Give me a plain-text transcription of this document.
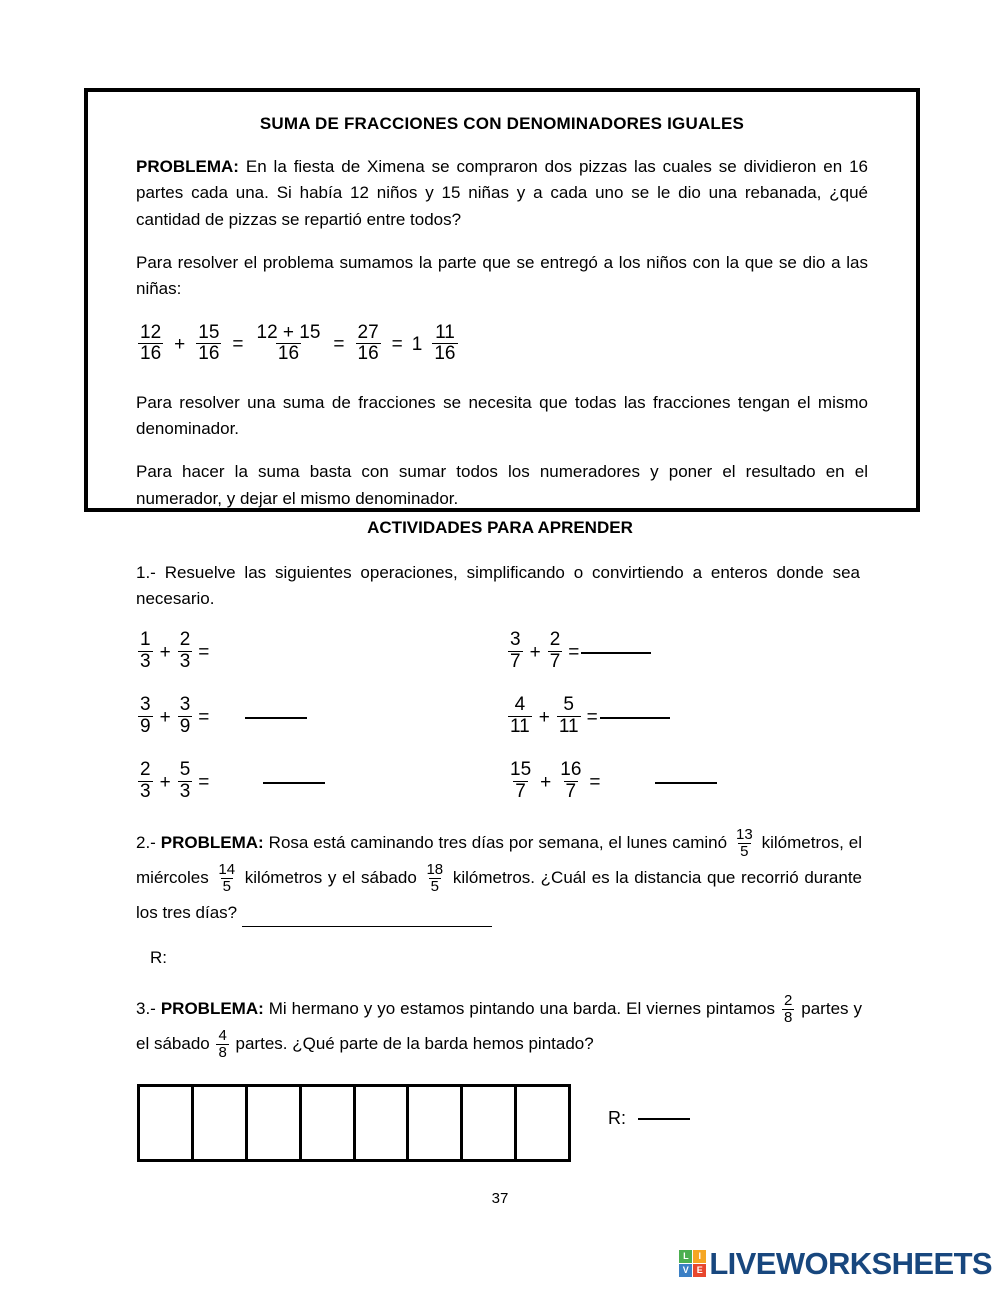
SUMA DE FRACCIONES CON DENOMINADORES IGUALES

PROBLEMA: En la fiesta de Ximena se compraron dos pizzas las cuales se dividieron en 16 partes cada una. Si había 12 niños y 15 niñas y a cada uno se le dio una rebanada, ¿qué cantidad de pizzas se repartió entre todos?

Para resolver el problema sumamos la parte que se entregó a los niños con la que se dio a las niñas:

$\frac{12}{16} + \frac{15}{16} = \frac{12 + 15}{16} = \frac{27}{16} = 1 \frac{11}{16}$

Para resolver una suma de fracciones se necesita que todas las fracciones tengan el mismo denominador.

Para hacer la suma basta con sumar todos los numeradores y poner el resultado en el numerador, y dejar el mismo denominador.

ACTIVIDADES PARA APRENDER
1.- Resuelve las siguientes operaciones, simplificando o convirtiendo a enteros donde sea necesario.
$\frac{1}{3} + \frac{2}{3}$ =	$\frac{3}{7} + \frac{2}{7}$ =
$\frac{3}{9} + \frac{3}{9}$ =	$\frac{4}{11} + \frac{5}{11}$ =
$\frac{2}{3} + \frac{5}{3}$ =	$\frac{15}{7} + \frac{16}{7}$ =
2.- PROBLEMA: Rosa está caminando tres días por semana, el lunes caminó $\frac{13}{5}$ kilómetros, el miércoles $\frac{14}{5}$ kilómetros y el sábado $\frac{18}{5}$ kilómetros. ¿Cuál es la distancia que recorrió durante los tres días?
R:
3.- PROBLEMA: Mi hermano y yo estamos pintando una barda. El viernes pintamos $\frac{2}{8}$ partes y el sábado $\frac{4}{8}$ partes. ¿Qué parte de la barda hemos pintado?
R:
37
L	I
V E LIVEWORKSHEETS
